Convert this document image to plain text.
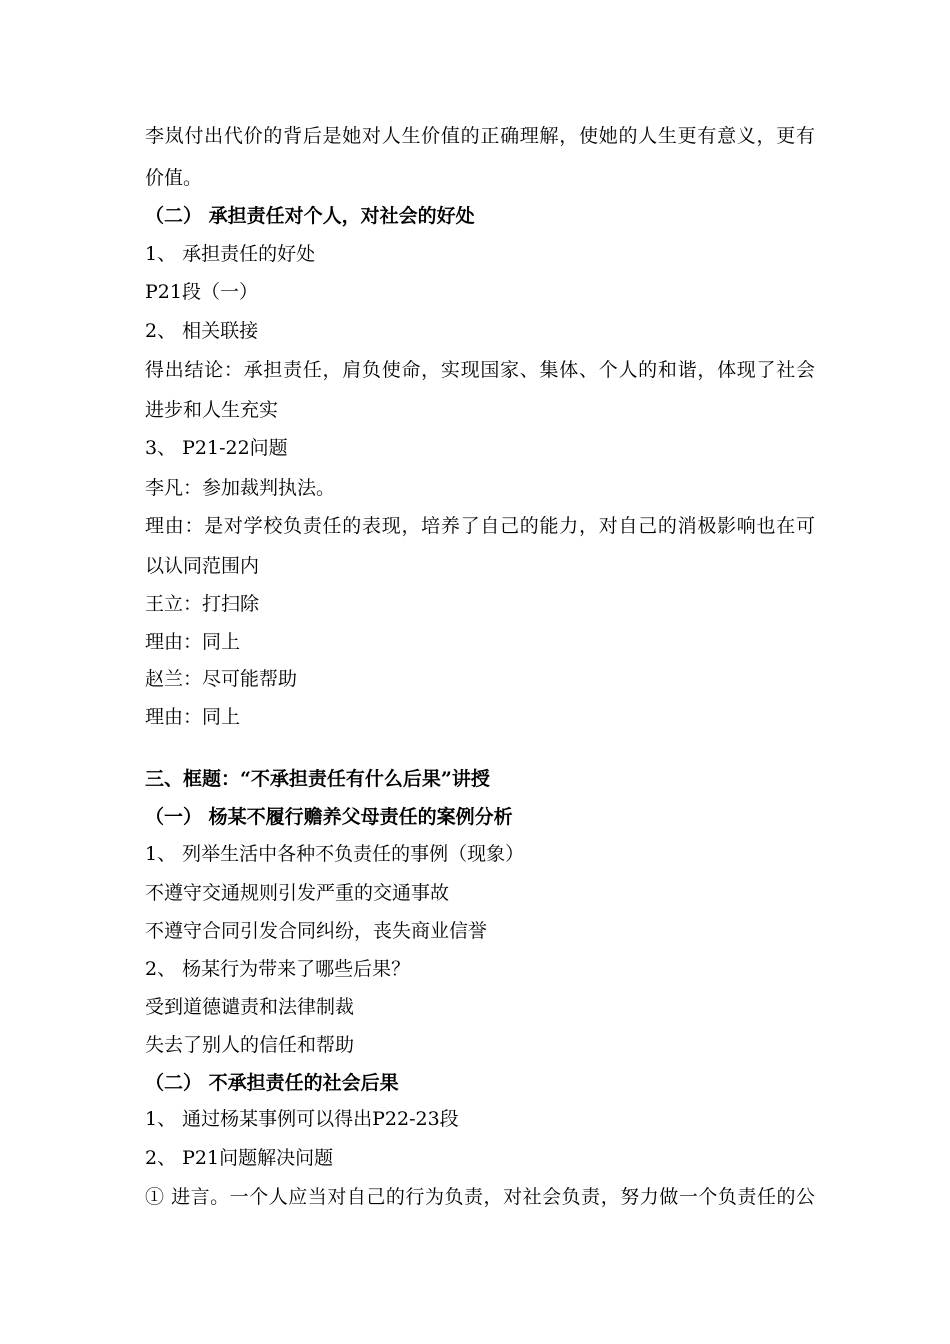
李岚付出代价的背后是她对人生价值的正确理解，使她的人生更有意义，更有
价值。
（二） 承担责任对个人，对社会的好处
1、 承担责任的好处
P21段（一）
2、 相关联接
得出结论：承担责任，肩负使命，实现国家、集体、个人的和谐，体现了社会
进步和人生充实
3、 P21-22问题
李凡：参加裁判执法。
理由：是对学校负责任的表现，培养了自己的能力，对自己的消极影响也在可
以认同范围内
王立：打扫除
理由：同上
赵兰：尽可能帮助
理由：同上
三、框题：“不承担责任有什么后果”讲授
（一） 杨某不履行赡养父母责任的案例分析
1、 列举生活中各种不负责任的事例（现象）
不遵守交通规则引发严重的交通事故
不遵守合同引发合同纠纷，丧失商业信誉
2、 杨某行为带来了哪些后果？
受到道德谴责和法律制裁
失去了别人的信任和帮助
（二） 不承担责任的社会后果
1、 通过杨某事例可以得出P22-23段
2、 P21问题解决问题
① 进言。一个人应当对自己的行为负责，对社会负责，努力做一个负责任的公
